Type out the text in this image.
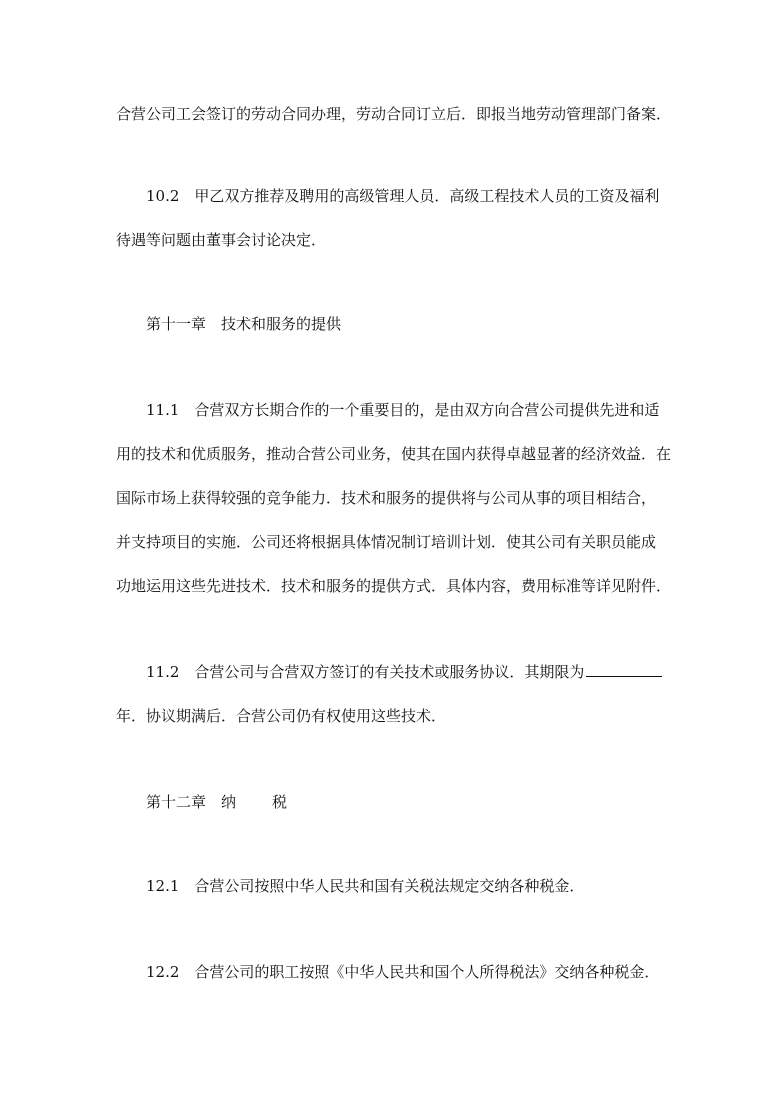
合营公司工会签订的劳动合同办理，劳动合同订立后．即报当地劳动管理部门备案．
10.2　甲乙双方推荐及聘用的高级管理人员．高级工程技术人员的工资及福利
待遇等问题由董事会讨论决定．
第十一章　技术和服务的提供
11.1　合营双方长期合作的一个重要目的，是由双方向合营公司提供先进和适
用的技术和优质服务，推动合营公司业务，使其在国内获得卓越显著的经济效益．在
国际市场上获得较强的竞争能力．技术和服务的提供将与公司从事的项目相结合，
并支持项目的实施．公司还将根据具体情况制订培训计划．使其公司有关职员能成
功地运用这些先进技术．技术和服务的提供方式．具体内容，费用标准等详见附件．
11.2　合营公司与合营双方签订的有关技术或服务协议．其期限为
年．协议期满后．合营公司仍有权使用这些技术．
第十二章　纳 税
12.1　合营公司按照中华人民共和国有关税法规定交纳各种税金．
12.2　合营公司的职工按照《中华人民共和国个人所得税法》交纳各种税金．
